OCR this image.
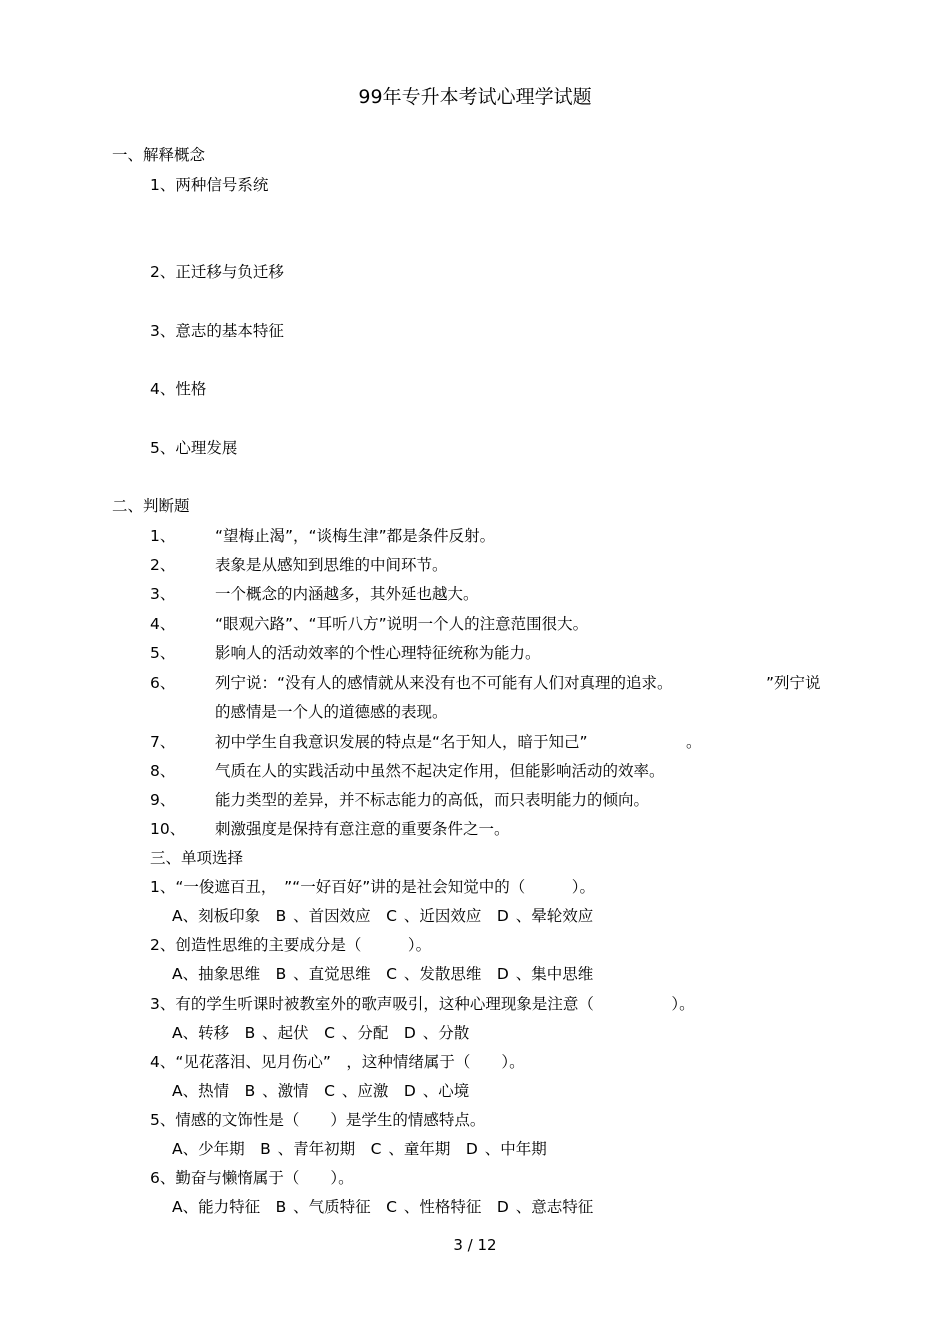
99年专升本考试心理学试题
一、解释概念
1、两种信号系统
2、正迁移与负迁移
3、意志的基本特征
4、性格
5、心理发展
二、判断题
1、	“望梅止渴”，“谈梅生津”都是条件反射。
2、	表象是从感知到思维的中间环节。
3、	一个概念的内涵越多，其外延也越大。
4、	“眼观六路”、“耳听八方”说明一个人的注意范围很大。
5、	影响人的活动效率的个性心理特征统称为能力。
6、	列宁说：“没有人的感情就从来没有也不可能有人们对真理的追求。	”列宁说
的感情是一个人的道德感的表现。
7、	初中学生自我意识发展的特点是“名于知人，暗于知己”	。
8、	气质在人的实践活动中虽然不起决定作用，但能影响活动的效率。
9、	能力类型的差异，并不标志能力的高低，而只表明能力的倾向。
10、 刺激强度是保持有意注意的重要条件之一。
三、单项选择
1、“一俊遮百丑，　”“一好百好”讲的是社会知觉中的（　　　）。
A、刻板印象　B 、首因效应　C 、近因效应　D 、晕轮效应
2、创造性思维的主要成分是（　　　）。
A、抽象思维　B 、直觉思维　C 、发散思维　D 、集中思维
3、有的学生听课时被教室外的歌声吸引，这种心理现象是注意（　　　　　）。
A、转移　B 、起伏　C 、分配　D 、分散
4、“见花落泪、见月伤心”　，这种情绪属于（　　）。
A、热情　B 、激情　C 、应激　D 、心境
5、情感的文饰性是（　　）是学生的情感特点。
A、少年期　B 、青年初期　C 、童年期　D 、中年期
6、勤奋与懒惰属于（　　）。
A、能力特征　B 、气质特征　C 、性格特征　D 、意志特征
3 / 12
